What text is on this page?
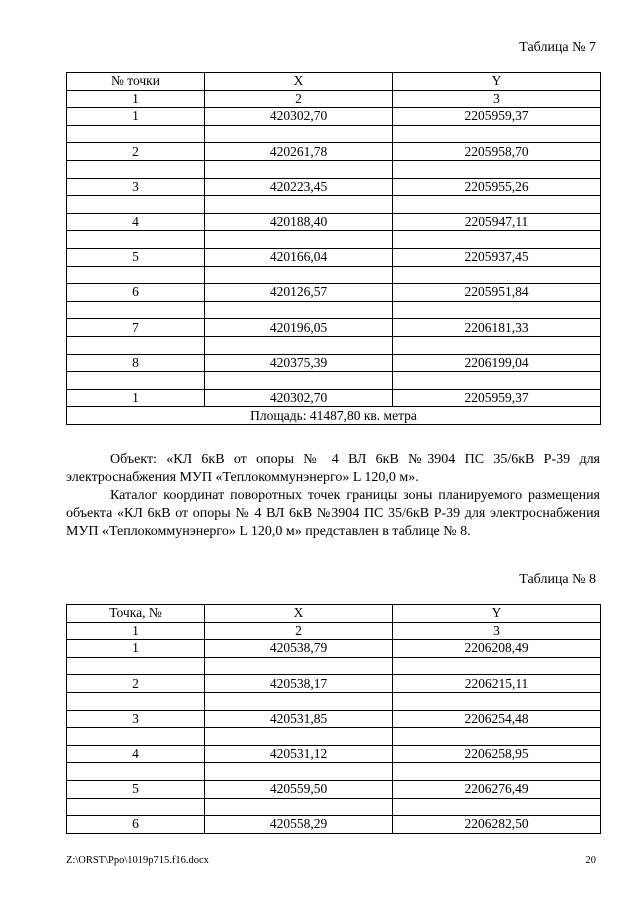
Таблица № 7
№ точки	X	Y
1	2	3
1	420302,70	2205959,37

2	420261,78	2205958,70

3	420223,45	2205955,26

4	420188,40	2205947,11

5	420166,04	2205937,45

6	420126,57	2205951,84

7	420196,05	2206181,33

8	420375,39	2206199,04

1	420302,70	2205959,37
Площадь: 41487,80 кв. метра		

Объект: «КЛ 6кВ от опоры № 4 ВЛ 6кВ №3904 ПС 35/6кВ Р-39 для электроснабжения МУП «Теплокоммунэнерго» L 120,0 м».

Каталог координат поворотных точек границы зоны планируемого размещения объекта «КЛ 6кВ от опоры № 4 ВЛ 6кВ №3904 ПС 35/6кВ Р-39 для электроснабжения МУП «Теплокоммунэнерго» L 120,0 м» представлен в таблице № 8.

Таблица № 8
Точка, №	X	Y
1	2	3
1	420538,79	2206208,49

2	420538,17	2206215,11

3	420531,85	2206254,48

4	420531,12	2206258,95

5	420559,50	2206276,49

6	420558,29	2206282,50
Z:\ORST\Ppo\1019p715.f16.docx	20
